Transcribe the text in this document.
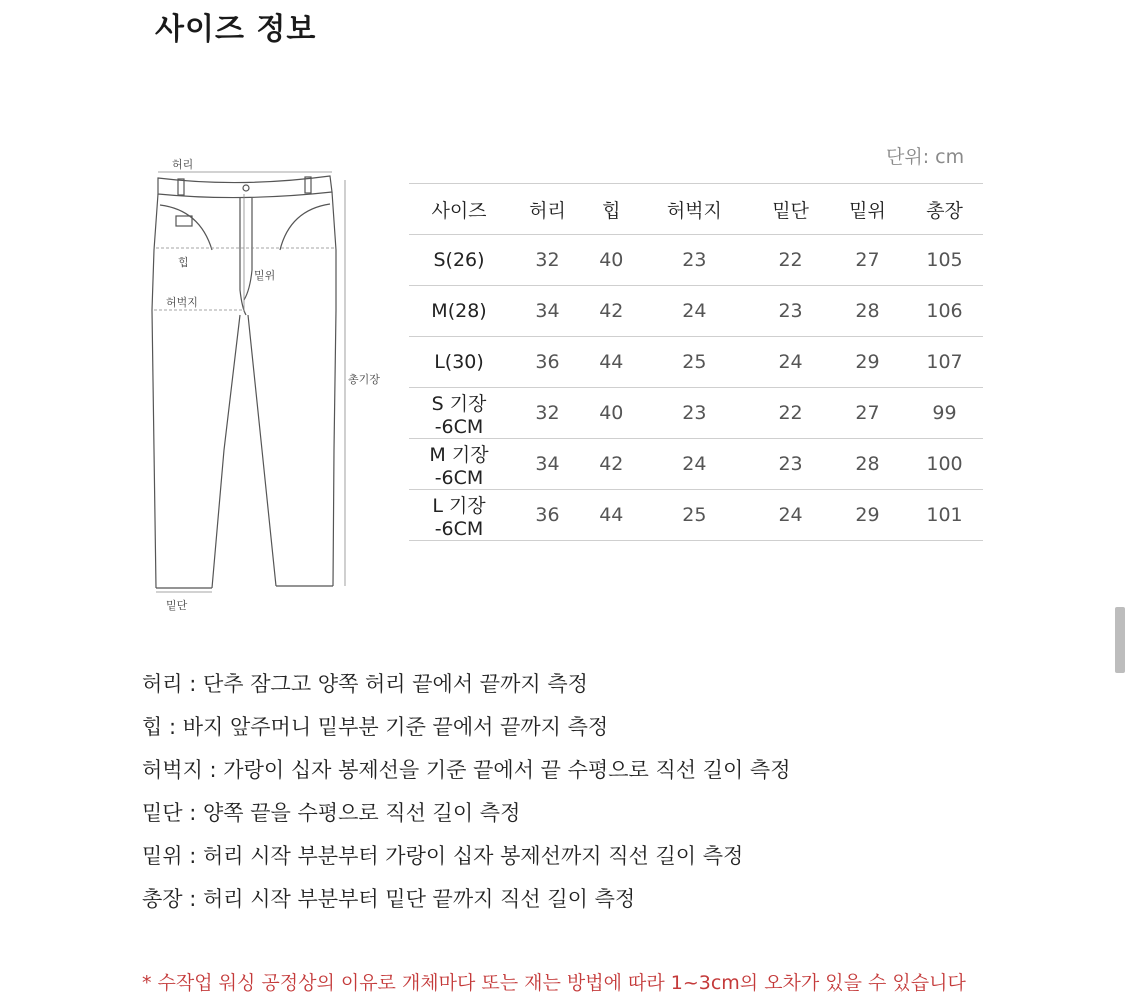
사이즈 정보
허리
힙
밑위
허벅지
총기장
밑단
단위: cm
사이즈	허리	힙	허벅지	밑단	밑위	총장
S(26)	32	40	23	22	27	105
M(28)	34	42	24	23	28	106
L(30)	36	44	25	24	29	107
S 기장 -6CM	32	40	23	22	27	99
M 기장 -6CM	34	42	24	23	28	100
L 기장 -6CM	36	44	25	24	29	101
허리 : 단추 잠그고 양쪽 허리 끝에서 끝까지 측정
힙 : 바지 앞주머니 밑부분 기준 끝에서 끝까지 측정
허벅지 : 가랑이 십자 봉제선을 기준 끝에서 끝 수평으로 직선 길이 측정
밑단 : 양쪽 끝을 수평으로 직선 길이 측정
밑위 : 허리 시작 부분부터 가랑이 십자 봉제선까지 직선 길이 측정
총장 : 허리 시작 부분부터 밑단 끝까지 직선 길이 측정
* 수작업 워싱 공정상의 이유로 개체마다 또는 재는 방법에 따라 1~3cm의 오차가 있을 수 있습니다
